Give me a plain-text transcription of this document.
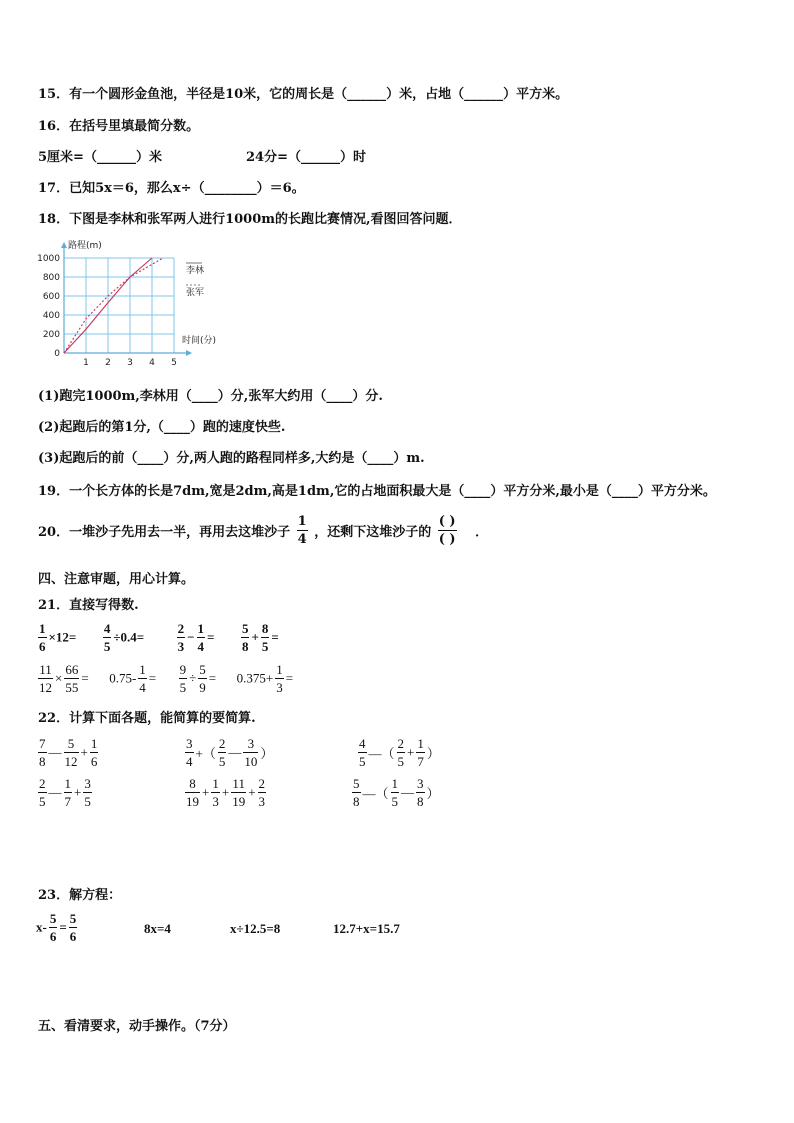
15．有一个圆形金鱼池，半径是10米，它的周长是（______）米，占地（______）平方米。
16．在括号里填最简分数。
5厘米=（______）米	24分=（______）时
17．已知5x＝6，那么x÷（________）＝6。
18．下图是李林和张军两人进行1000m的长跑比赛情况,看图回答问题．
0
200
400
600
800
1000
1 2 3 4 5
路程(m)
时间(分)
李林
张军
(1)跑完1000m,李林用（____）分,张军大约用（____）分.
(2)起跑后的第1分,（____）跑的速度快些.
(3)起跑后的前（____）分,两人跑的路程同样多,大约是（____）m.
19．一个长方体的长是7dm,宽是2dm,高是1dm,它的占地面积最大是（____）平方分米,最小是（____）平方分米。
20．一堆沙子先用去一半，再用去这堆沙子 $\frac{1}{4}$ ，还剩下这堆沙子的
( )
( ) ．
四、注意审题，用心计算。
21．直接写得数.
$\frac{1}{6} \times 12= \frac{4}{5} \div 0.4=$	$\frac{2}{3} - \frac{1}{4} = \frac{5}{8} + \frac{8}{5}$ =
$\frac{11}{12} \times \frac{66}{55} = 0.75- \frac{1}{4} = \frac{9}{5} \div \frac{5}{9} = 0.375+ \frac{1}{3}$ =
22．计算下面各题，能简算的要简算.
$\frac{7}{8}$ — $\frac{5}{12} + \frac{1}{6}$	$\frac{3}{4}$ +（ $\frac{2}{5}$ — $\frac{3}{10}$ ）	$\frac{4}{5}$ —（ $\frac{2}{5} + \frac{1}{7}$ ）
$\frac{2}{5}$ — $\frac{1}{7} + \frac{3}{5}$	$\frac{8}{19} + \frac{1}{3} + \frac{11}{19} + \frac{2}{3}$	$\frac{5}{8}$ —（ $\frac{1}{5}$ — $\frac{3}{8}$ ）
23．解方程：
$x- \frac{5}{6} = \frac{5}{6}$	8x=4	x÷12.5=8	12.7+x=15.7
五、看清要求，动手操作。（7分）
